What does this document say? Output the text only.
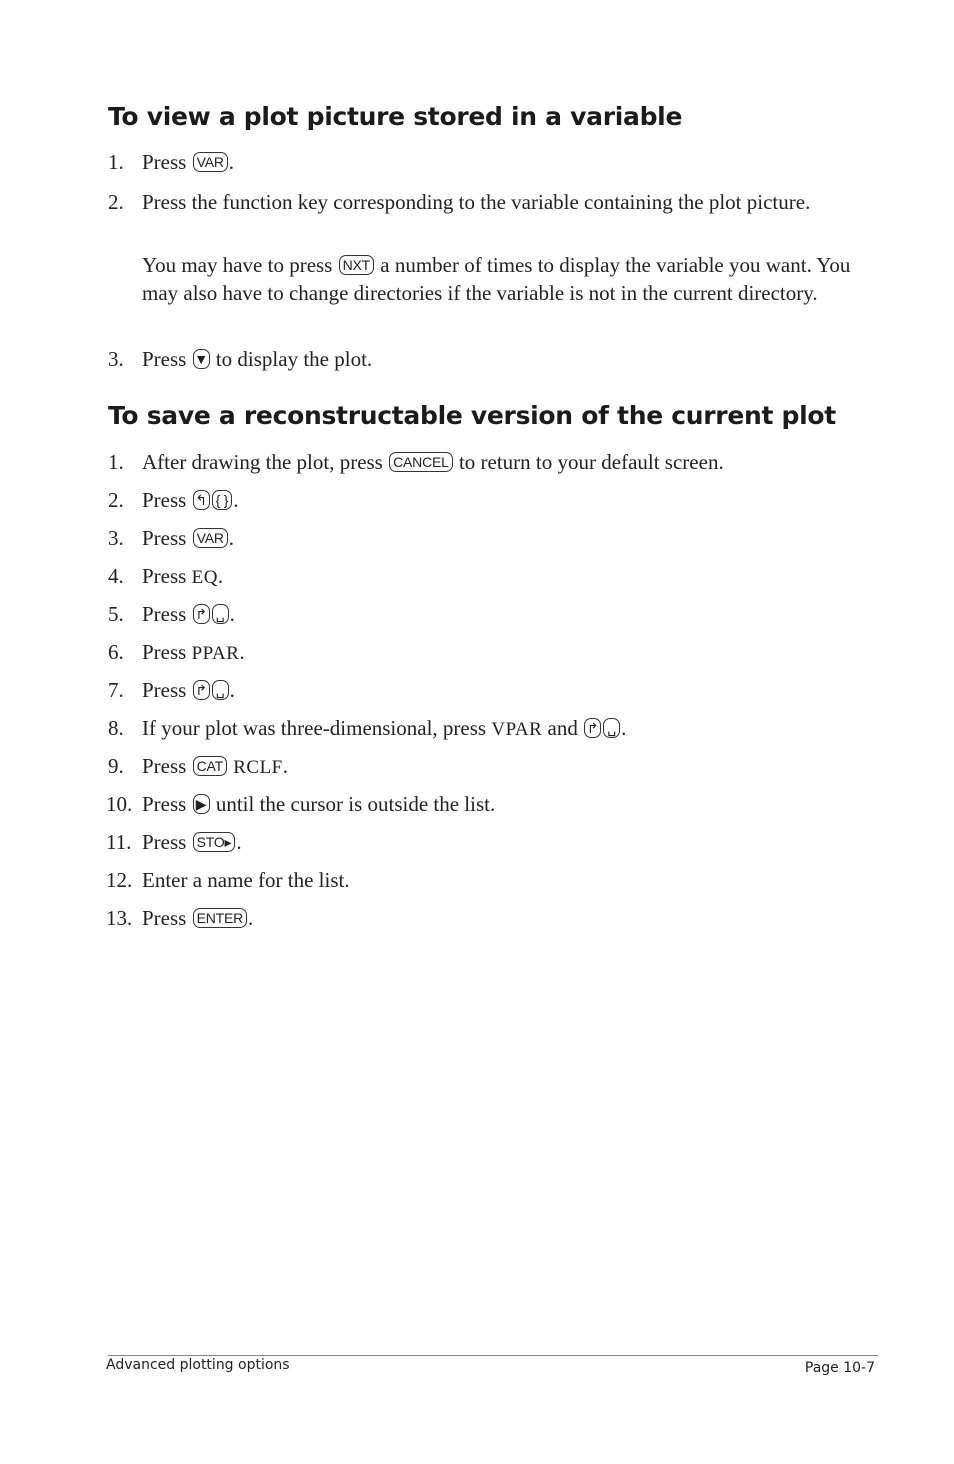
To view a plot picture stored in a variable
1. Press VAR .
2. Press the function key corresponding to the variable containing the plot picture.
You may have to press NXT a number of times to display the variable you want. You may also have to change directories if the variable is not in the current directory.
3. Press ▼ to display the plot.
To save a reconstructable version of the current plot
1. After drawing the plot, press CANCEL to return to your default screen.
2. Press ↰ { } .
3. Press VAR .
4. Press EQ.
5. Press ↱ ␣ .
6. Press PPAR.
7. Press ↱ ␣ .
8. If your plot was three-dimensional, press VPAR and ↱ ␣ .
9. Press CAT RCLF.
10. Press ▶ until the cursor is outside the list.
11. Press STO▸ .
12. Enter a name for the list.
13. Press ENTER .
Advanced plotting options	Page 10-7
